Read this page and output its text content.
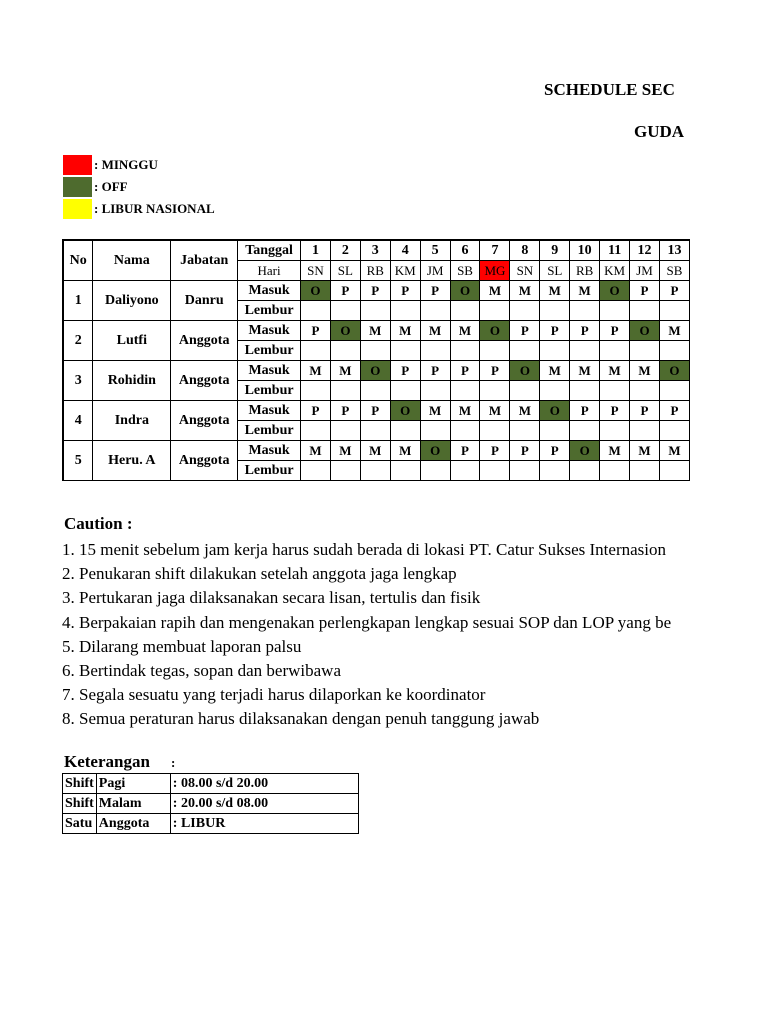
SCHEDULE SEC
GUDA
: MINGGU
: OFF
: LIBUR NASIONAL
No	Nama	Jabatan	Tanggal	1	2	3	4	5	6	7	8	9	10	11	12	13
			Hari	SN	SL	RB	KM	JM	SB	MG	SN	SL	RB	KM	JM	SB
1	Daliyono	Danru	Masuk	O	P	P	P	P	O	M	M	M	M	O	P	P
			Lembur													
2	Lutfi	Anggota	Masuk	P	O	M	M	M	M	O	P	P	P	P	O	M
			Lembur													
3	Rohidin	Anggota	Masuk	M	M	O	P	P	P	P	O	M	M	M	M	O
			Lembur													
4	Indra	Anggota	Masuk	P	P	P	O	M	M	M	M	O	P	P	P	P
			Lembur													
5	Heru. A	Anggota	Masuk	M	M	M	M	O	P	P	P	P	O	M	M	M
			Lembur													
Caution :
1. 15 menit sebelum jam kerja harus sudah berada di lokasi PT. Catur Sukses Internasion
2. Penukaran shift dilakukan setelah anggota jaga lengkap
3. Pertukaran jaga dilaksanakan secara lisan, tertulis dan fisik
4. Berpakaian rapih dan mengenakan perlengkapan lengkap sesuai SOP dan LOP yang be
5. Dilarang membuat laporan palsu
6. Bertindak tegas, sopan dan berwibawa
7. Segala sesuatu yang terjadi harus dilaporkan ke koordinator
8. Semua peraturan harus dilaksanakan dengan penuh tanggung jawab
Keterangan :
Shift	Pagi	: 08.00 s/d 20.00
Shift	Malam	: 20.00 s/d 08.00
Satu	Anggota	: LIBUR
